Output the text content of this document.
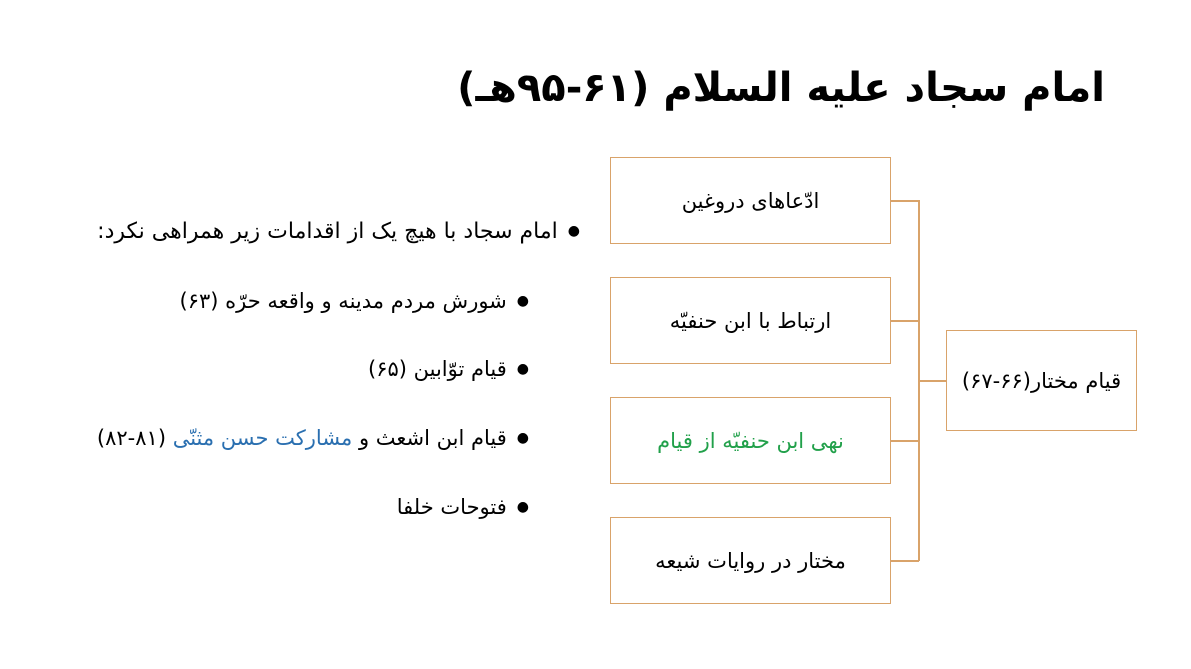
امام سجاد علیه السلام (۶۱-۹۵هـ)
●
امام سجاد با هیچ یک از اقدامات زیر همراهی نکرد:
●
شورش مردم مدینه و واقعه حرّه (۶۳)
●
قیام توّابین (۶۵)
●
قیام ابن اشعث و مشارکت حسن مثنّی (۸۱-۸۲)
●
فتوحات خلفا
ادّعاهای دروغین
ارتباط با ابن حنفیّه
نهی ابن حنفیّه از قیام
مختار در روایات شیعه
قیام مختار(۶۶-۶۷)
